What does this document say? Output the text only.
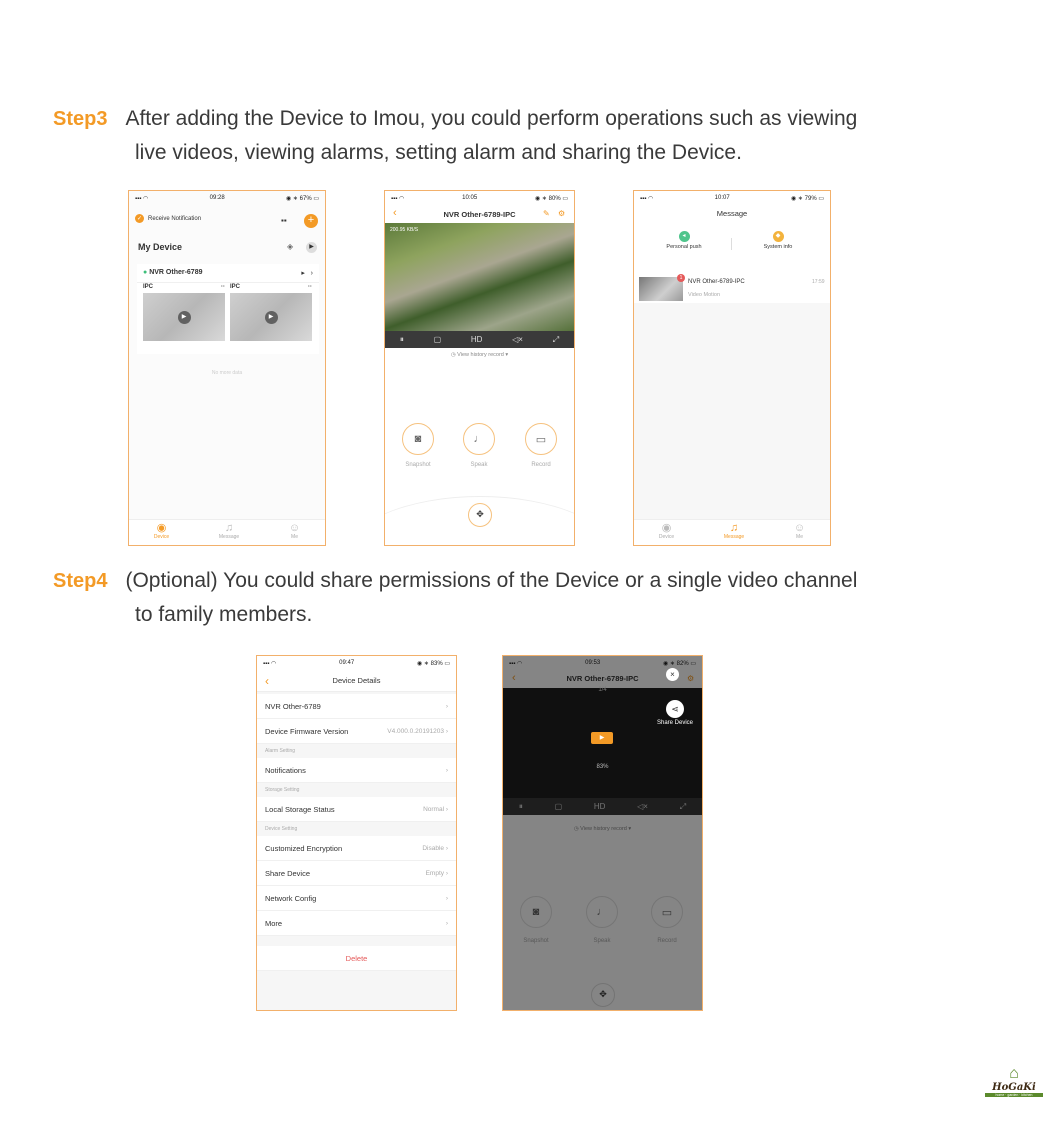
Step3 After adding the Device to Imou, you could perform operations such as viewing
live videos, viewing alarms, setting alarm and sharing the Device.
▪▪▪ ◠	09:28	◉ ∗ 67% ▭
✓ Receive Notification	▪▪	+
My Device	◈	▶
● NVR Other-6789	▸   ›
IPC	··
▶
IPC	··
▶
No more data
◉
Device
♫
Message
☺
Me
▪▪▪ ◠	10:05	◉ ∗ 80% ▭
NVR Other-6789-IPC
‹	✎ ⚙
200.95 KB/S
⏸	▢	HD	◁×	⤢
◷ View history record ▾
◙	♩	▭
Snapshot	Speak	Record
✥
▪▪▪ ◠	10:07	◉ ∗ 79% ▭
Message
◂
Personal push
◆
System info
1
NVR Other-6789-IPC
Video Motion
17:59
◉
Device
♫
Message
☺
Me
Step4 (Optional) You could share permissions of the Device or a single video channel
to family members.
▪▪▪ ◠	09:47	◉ ∗ 83% ▭
‹	Device Details
NVR Other-6789	›
Device Firmware Version	V4.000.0.20191203 ›
Alarm Setting
Notifications	›
Storage Setting
Local Storage Status	Normal ›
Device Setting
Customized Encryption	Disable ›
Share Device	Empty ›
Network Config	›
More	›
Delete
▪▪▪ ◠	09:53	◉ ∗ 82% ▭
NVR Other-6789-IPC
‹	⚙
⏸	▢	HD	◁×	⤢
◷ View history record ▾
◙	♩	▭
Snapshot	Speak	Record
✥
1/4
▶
83%
×
⋖
Share Device
⌂
HoGaKi
home · garden · kitchen
